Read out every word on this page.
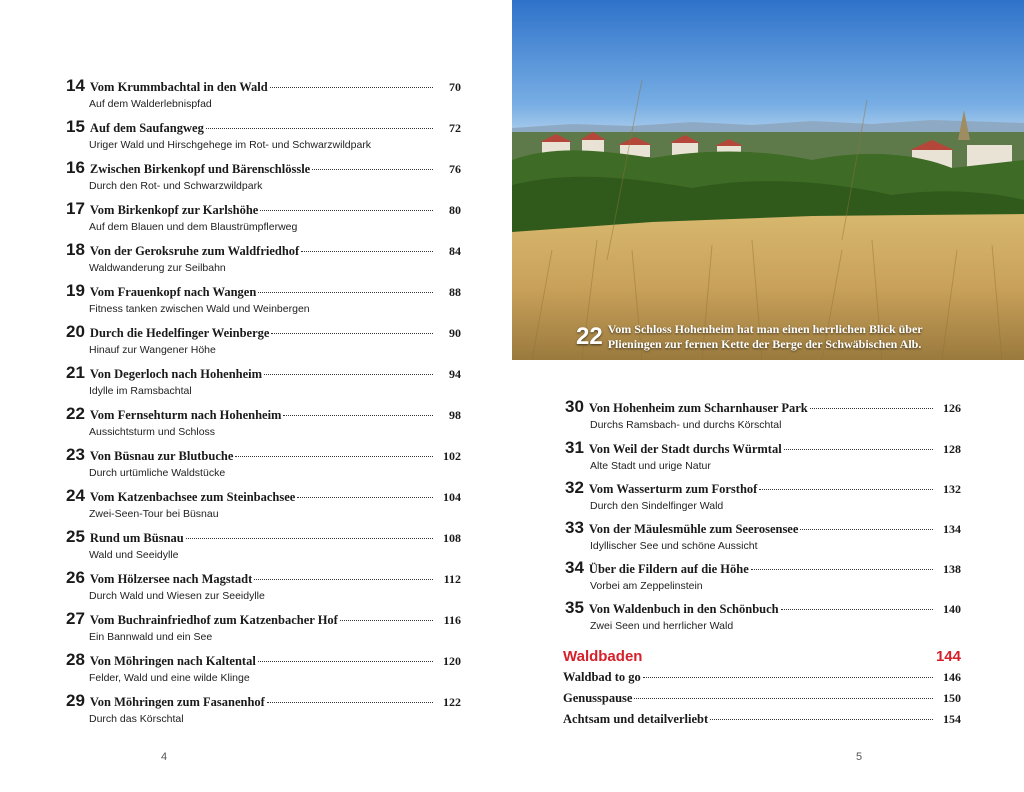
14 Vom Krummbachtal in den Wald	70
Auf dem Walderlebnispfad
15 Auf dem Saufangweg	72
Uriger Wald und Hirschgehege im Rot- und Schwarzwildpark
16 Zwischen Birkenkopf und Bärenschlössle	76
Durch den Rot- und Schwarzwildpark
17 Vom Birkenkopf zur Karlshöhe	80
Auf dem Blauen und dem Blaustrümpflerweg
18 Von der Geroksruhe zum Waldfriedhof	84
Waldwanderung zur Seilbahn
19 Vom Frauenkopf nach Wangen	88
Fitness tanken zwischen Wald und Weinbergen
20 Durch die Hedelfinger Weinberge	90
Hinauf zur Wangener Höhe
21 Von Degerloch nach Hohenheim	94
Idylle im Ramsbachtal
22 Vom Fernsehturm nach Hohenheim	98
Aussichtsturm und Schloss
23 Von Büsnau zur Blutbuche	102
Durch urtümliche Waldstücke
24 Vom Katzenbachsee zum Steinbachsee	104
Zwei-Seen-Tour bei Büsnau
25 Rund um Büsnau	108
Wald und Seeidylle
26 Vom Hölzersee nach Magstadt	112
Durch Wald und Wiesen zur Seeidylle
27 Vom Buchrainfriedhof zum Katzenbacher Hof	116
Ein Bannwald und ein See
28 Von Möhringen nach Kaltental	120
Felder, Wald und eine wilde Klinge
29 Von Möhringen zum Fasanenhof	122
Durch das Körschtal
4
22 Vom Schloss Hohenheim hat man einen herrlichen Blick über
Plieningen zur fernen Kette der Berge der Schwäbischen Alb.
30 Von Hohenheim zum Scharnhauser Park	126
Durchs Ramsbach- und durchs Körschtal
31 Von Weil der Stadt durchs Würmtal	128
Alte Stadt und urige Natur
32 Vom Wasserturm zum Forsthof	132
Durch den Sindelfinger Wald
33 Von der Mäulesmühle zum Seerosensee	134
Idyllischer See und schöne Aussicht
34 Über die Fildern auf die Höhe	138
Vorbei am Zeppelinstein
35 Von Waldenbuch in den Schönbuch	140
Zwei Seen und herrlicher Wald
Waldbaden	144
Waldbad to go	146
Genusspause	150
Achtsam und detailverliebt	154
5
